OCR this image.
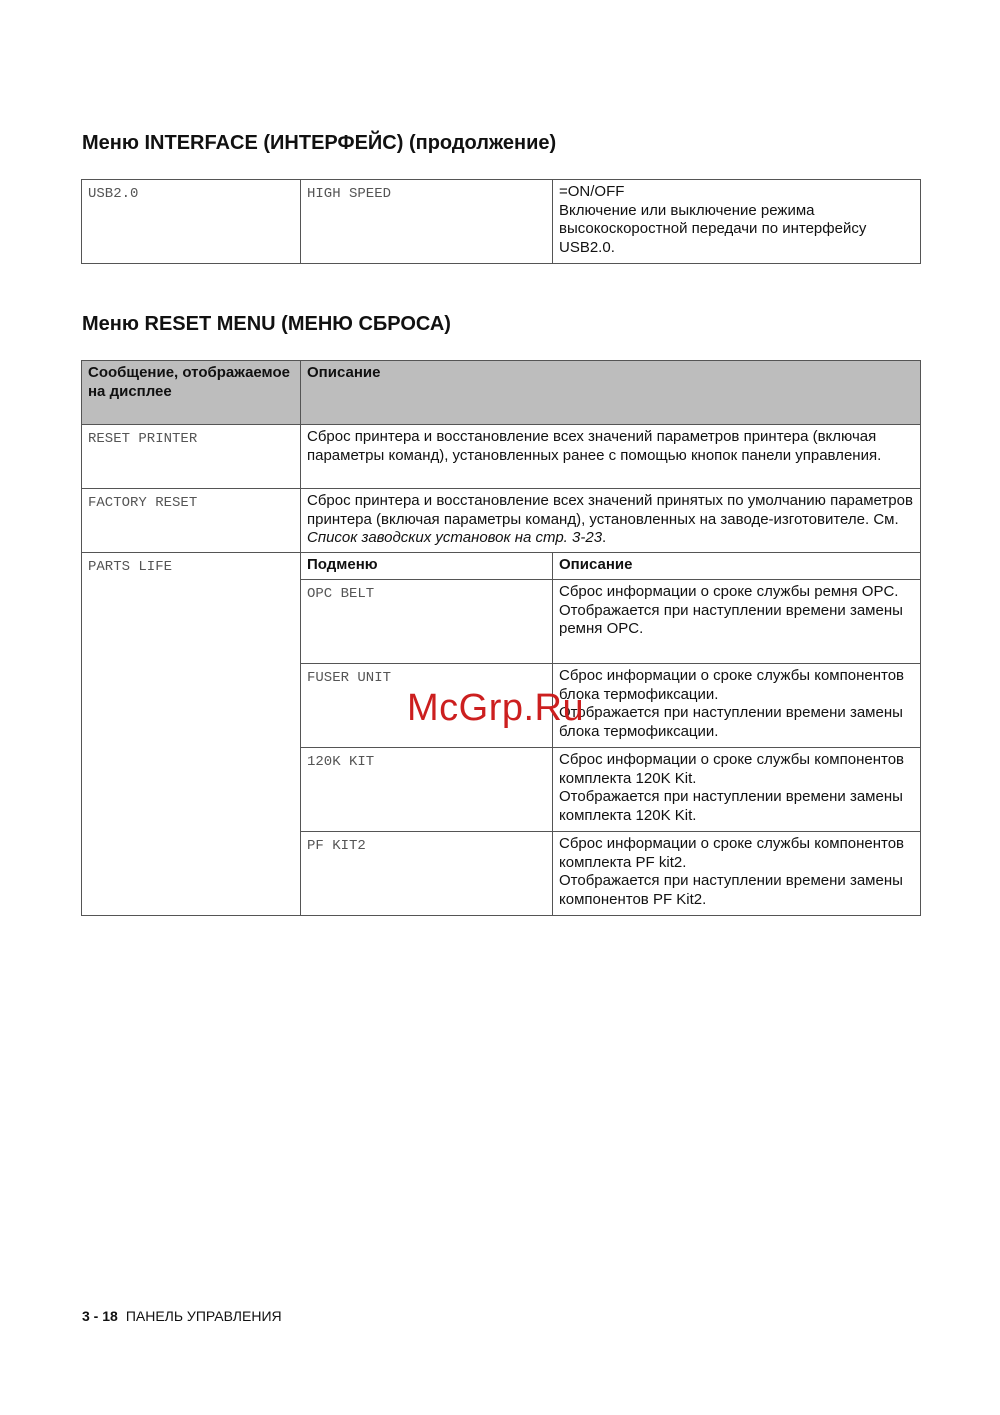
Меню INTERFACE (ИНТЕРФЕЙС) (продолжение)
USB2.0	HIGH SPEED	=ON/OFF

Включение или выключение режима высокоскоростной передачи по интерфейсу USB2.0.

Меню RESET MENU (МЕНЮ СБРОСА)
Сообщение, отображаемое на дисплее	Описание	
RESET PRINTER	Сброс принтера и восстановление всех значений параметров принтера (включая параметры команд), установленных ранее с помощью кнопок панели управления.	
FACTORY RESET	Сброс принтера и восстановление всех значений принятых по умолчанию параметров принтера (включая параметры команд), установленных на заводе-изготовителе. См. Список заводских установок на стр. 3-23.	
PARTS LIFE	Подменю	Описание
	OPC BELT	Сброс информации о сроке службы ремня OPC.

Отображается при наступлении времени замены ремня OPC.

	FUSER UNIT	Сброс информации о сроке службы компонентов блока термофиксации.

Отображается при наступлении времени замены блока термофиксации.

	120K KIT	Сброс информации о сроке службы компонентов комплекта 120K Kit.

Отображается при наступлении времени замены комплекта 120K Kit.

	PF KIT2	Сброс информации о сроке службы компонентов комплекта PF kit2.

Отображается при наступлении времени замены компонентов PF Kit2.

McGrp.Ru
3 - 18 ПАНЕЛЬ УПРАВЛЕНИЯ
